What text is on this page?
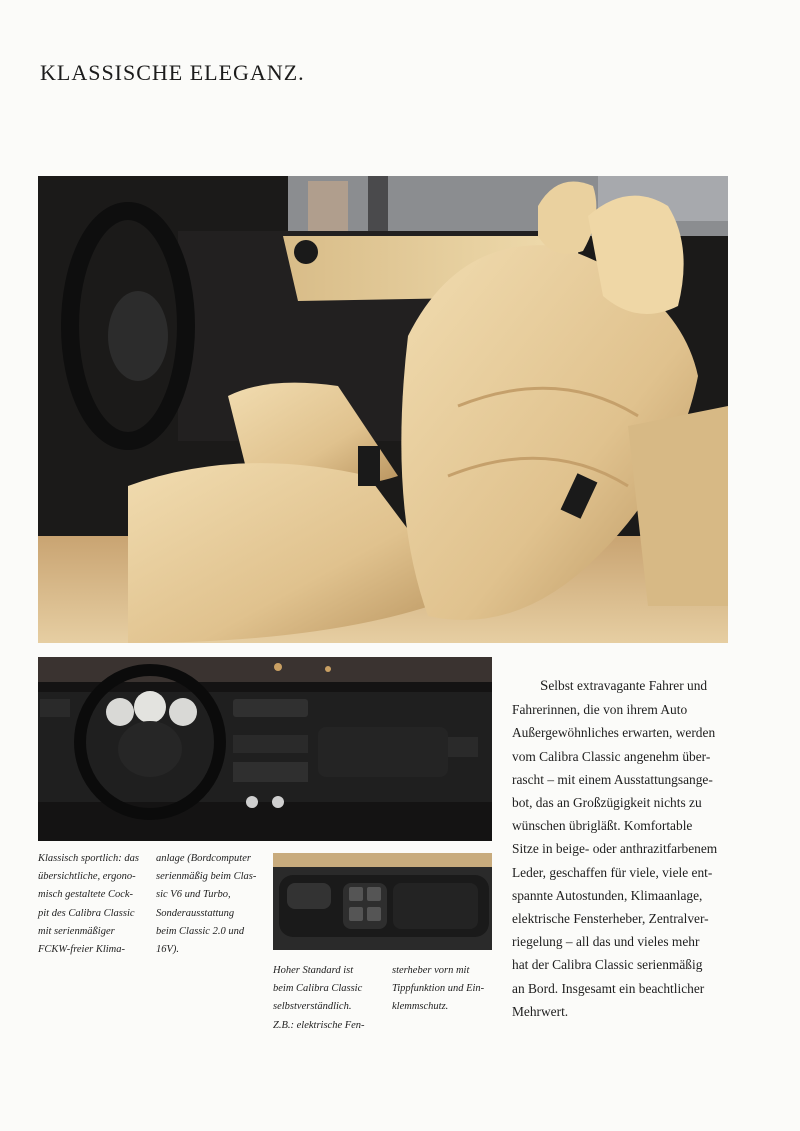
KLASSISCHE ELEGANZ.

Klassisch sportlich: das
übersichtliche, ergono-
misch gestaltete Cock-
pit des Calibra Classic
mit serienmäßiger
FCKW-freier Klima-

anlage (Bordcomputer
serienmäßig beim Clas-
sic V6 und Turbo,
Sonderausstattung
beim Classic 2.0 und
16V).

Hoher Standard ist
beim Calibra Classic
selbstverständlich.
Z.B.: elektrische Fen-

sterheber vorn mit
Tippfunktion und Ein-
klemmschutz.

Selbst extravagante Fahrer und
Fahrerinnen, die von ihrem Auto
Außergewöhnliches erwarten, werden
vom Calibra Classic angenehm über-
rascht – mit einem Ausstattungsange-
bot, das an Großzügigkeit nichts zu
wünschen übrigläßt. Komfortable
Sitze in beige- oder anthrazitfarbenem
Leder, geschaffen für viele, viele ent-
spannte Autostunden, Klimaanlage,
elektrische Fensterheber, Zentralver-
riegelung – all das und vieles mehr
hat der Calibra Classic serienmäßig
an Bord. Insgesamt ein beachtlicher
Mehrwert.
